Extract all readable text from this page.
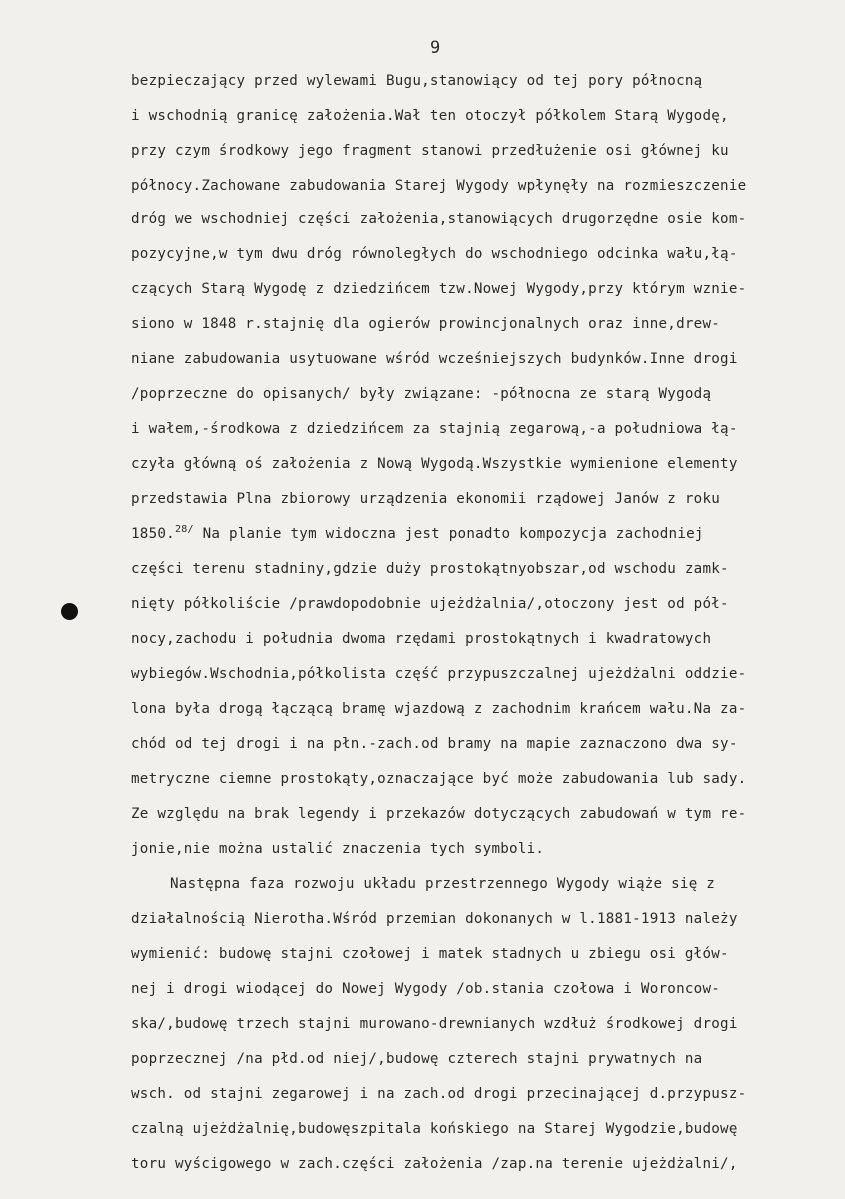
9
bezpieczający przed wylewami Bugu,stanowiący od tej pory północną
i wschodnią granicę założenia.Wał ten otoczył półkolem Starą Wygodę,
przy czym środkowy jego fragment stanowi przedłużenie osi głównej ku
północy.Zachowane zabudowania Starej Wygody wpłynęły na rozmieszczenie
dróg we wschodniej części założenia,stanowiących drugorzędne osie kom-
pozycyjne,w tym dwu dróg równoległych do wschodniego odcinka wału,łą-
czących Starą Wygodę z dziedzińcem tzw.Nowej Wygody,przy którym wznie-
siono w 1848 r.stajnię dla ogierów prowincjonalnych oraz inne,drew-
niane zabudowania usytuowane wśród wcześniejszych budynków.Inne drogi
/poprzeczne do opisanych/ były związane: -północna ze starą Wygodą
i wałem,-środkowa z dziedzińcem za stajnią zegarową,-a południowa łą-
czyła główną oś założenia z Nową Wygodą.Wszystkie wymienione elementy
przedstawia Plna zbiorowy urządzenia ekonomii rządowej Janów z roku
1850.$^{28/}$ Na planie tym widoczna jest ponadto kompozycja zachodniej
części terenu stadniny,gdzie duży prostokątnyobszar,od wschodu zamk-
nięty półkoliście /prawdopodobnie ujeżdżalnia/,otoczony jest od pół-
nocy,zachodu i południa dwoma rzędami prostokątnych i kwadratowych
wybiegów.Wschodnia,półkolista część przypuszczalnej ujeżdżalni oddzie-
lona była drogą łączącą bramę wjazdową z zachodnim krańcem wału.Na za-
chód od tej drogi i na płn.-zach.od bramy na mapie zaznaczono dwa sy-
metryczne ciemne prostokąty,oznaczające być może zabudowania lub sady.
Ze względu na brak legendy i przekazów dotyczących zabudowań w tym re-
jonie,nie można ustalić znaczenia tych symboli.
Następna faza rozwoju układu przestrzennego Wygody wiąże się z
działalnością Nierotha.Wśród przemian dokonanych w l.1881-1913 należy
wymienić: budowę stajni czołowej i matek stadnych u zbiegu osi głów-
nej i drogi wiodącej do Nowej Wygody /ob.stania czołowa i Woroncow-
ska/,budowę trzech stajni murowano-drewnianych wzdłuż środkowej drogi
poprzecznej /na płd.od niej/,budowę czterech stajni prywatnych na
wsch. od stajni zegarowej i na zach.od drogi przecinającej d.przypusz-
czalną ujeżdżalnię,budowęszpitala końskiego na Starej Wygodzie,budowę
toru wyścigowego w zach.części założenia /zap.na terenie ujeżdżalni/,
